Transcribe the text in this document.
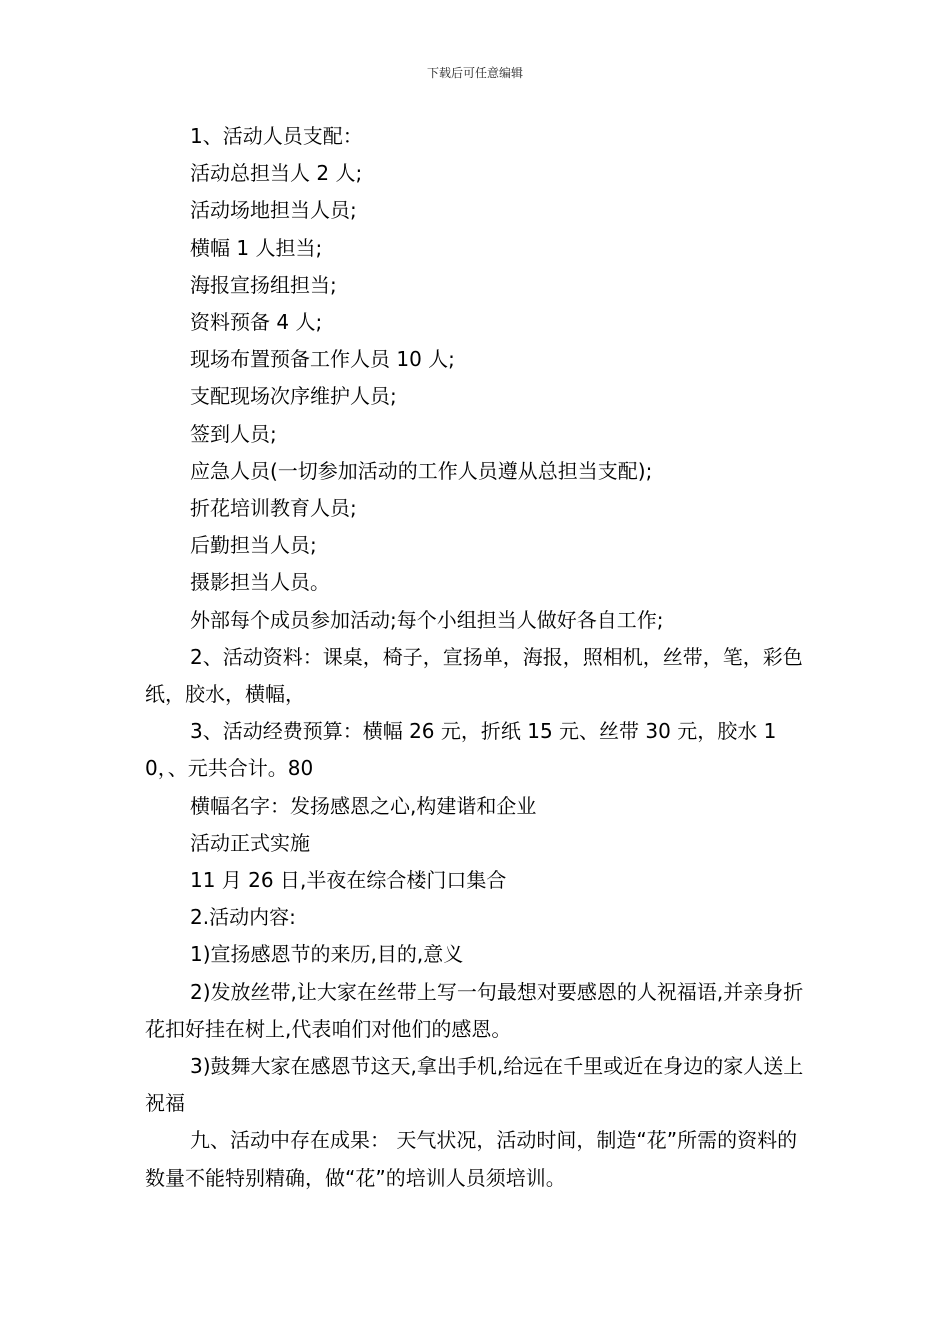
下载后可任意编辑

1、活动人员支配：

活动总担当人 2 人;

活动场地担当人员;

横幅 1 人担当;

海报宣扬组担当;

资料预备 4 人;

现场布置预备工作人员 10 人;

支配现场次序维护人员;

签到人员;

应急人员(一切参加活动的工作人员遵从总担当支配);

折花培训教育人员;

后勤担当人员;

摄影担当人员。

外部每个成员参加活动;每个小组担当人做好各自工作;

2、活动资料：课桌，椅子，宣扬单，海报，照相机，丝带，笔，彩色纸，胶水，横幅，

3、活动经费预算：横幅 26 元，折纸 15 元、丝带 30 元，胶水 10，、元共合计。80

横幅名字：发扬感恩之心,构建谐和企业

活动正式实施

11 月 26 日,半夜在综合楼门口集合

2.活动内容:

1)宣扬感恩节的来历,目的,意义

2)发放丝带,让大家在丝带上写一句最想对要感恩的人祝福语,并亲身折花扣好挂在树上,代表咱们对他们的感恩。

3)鼓舞大家在感恩节这天,拿出手机,给远在千里或近在身边的家人送上祝福

九、活动中存在成果： 天气状况，活动时间，制造“花”所需的资料的数量不能特别精确，做“花”的培训人员须培训。
